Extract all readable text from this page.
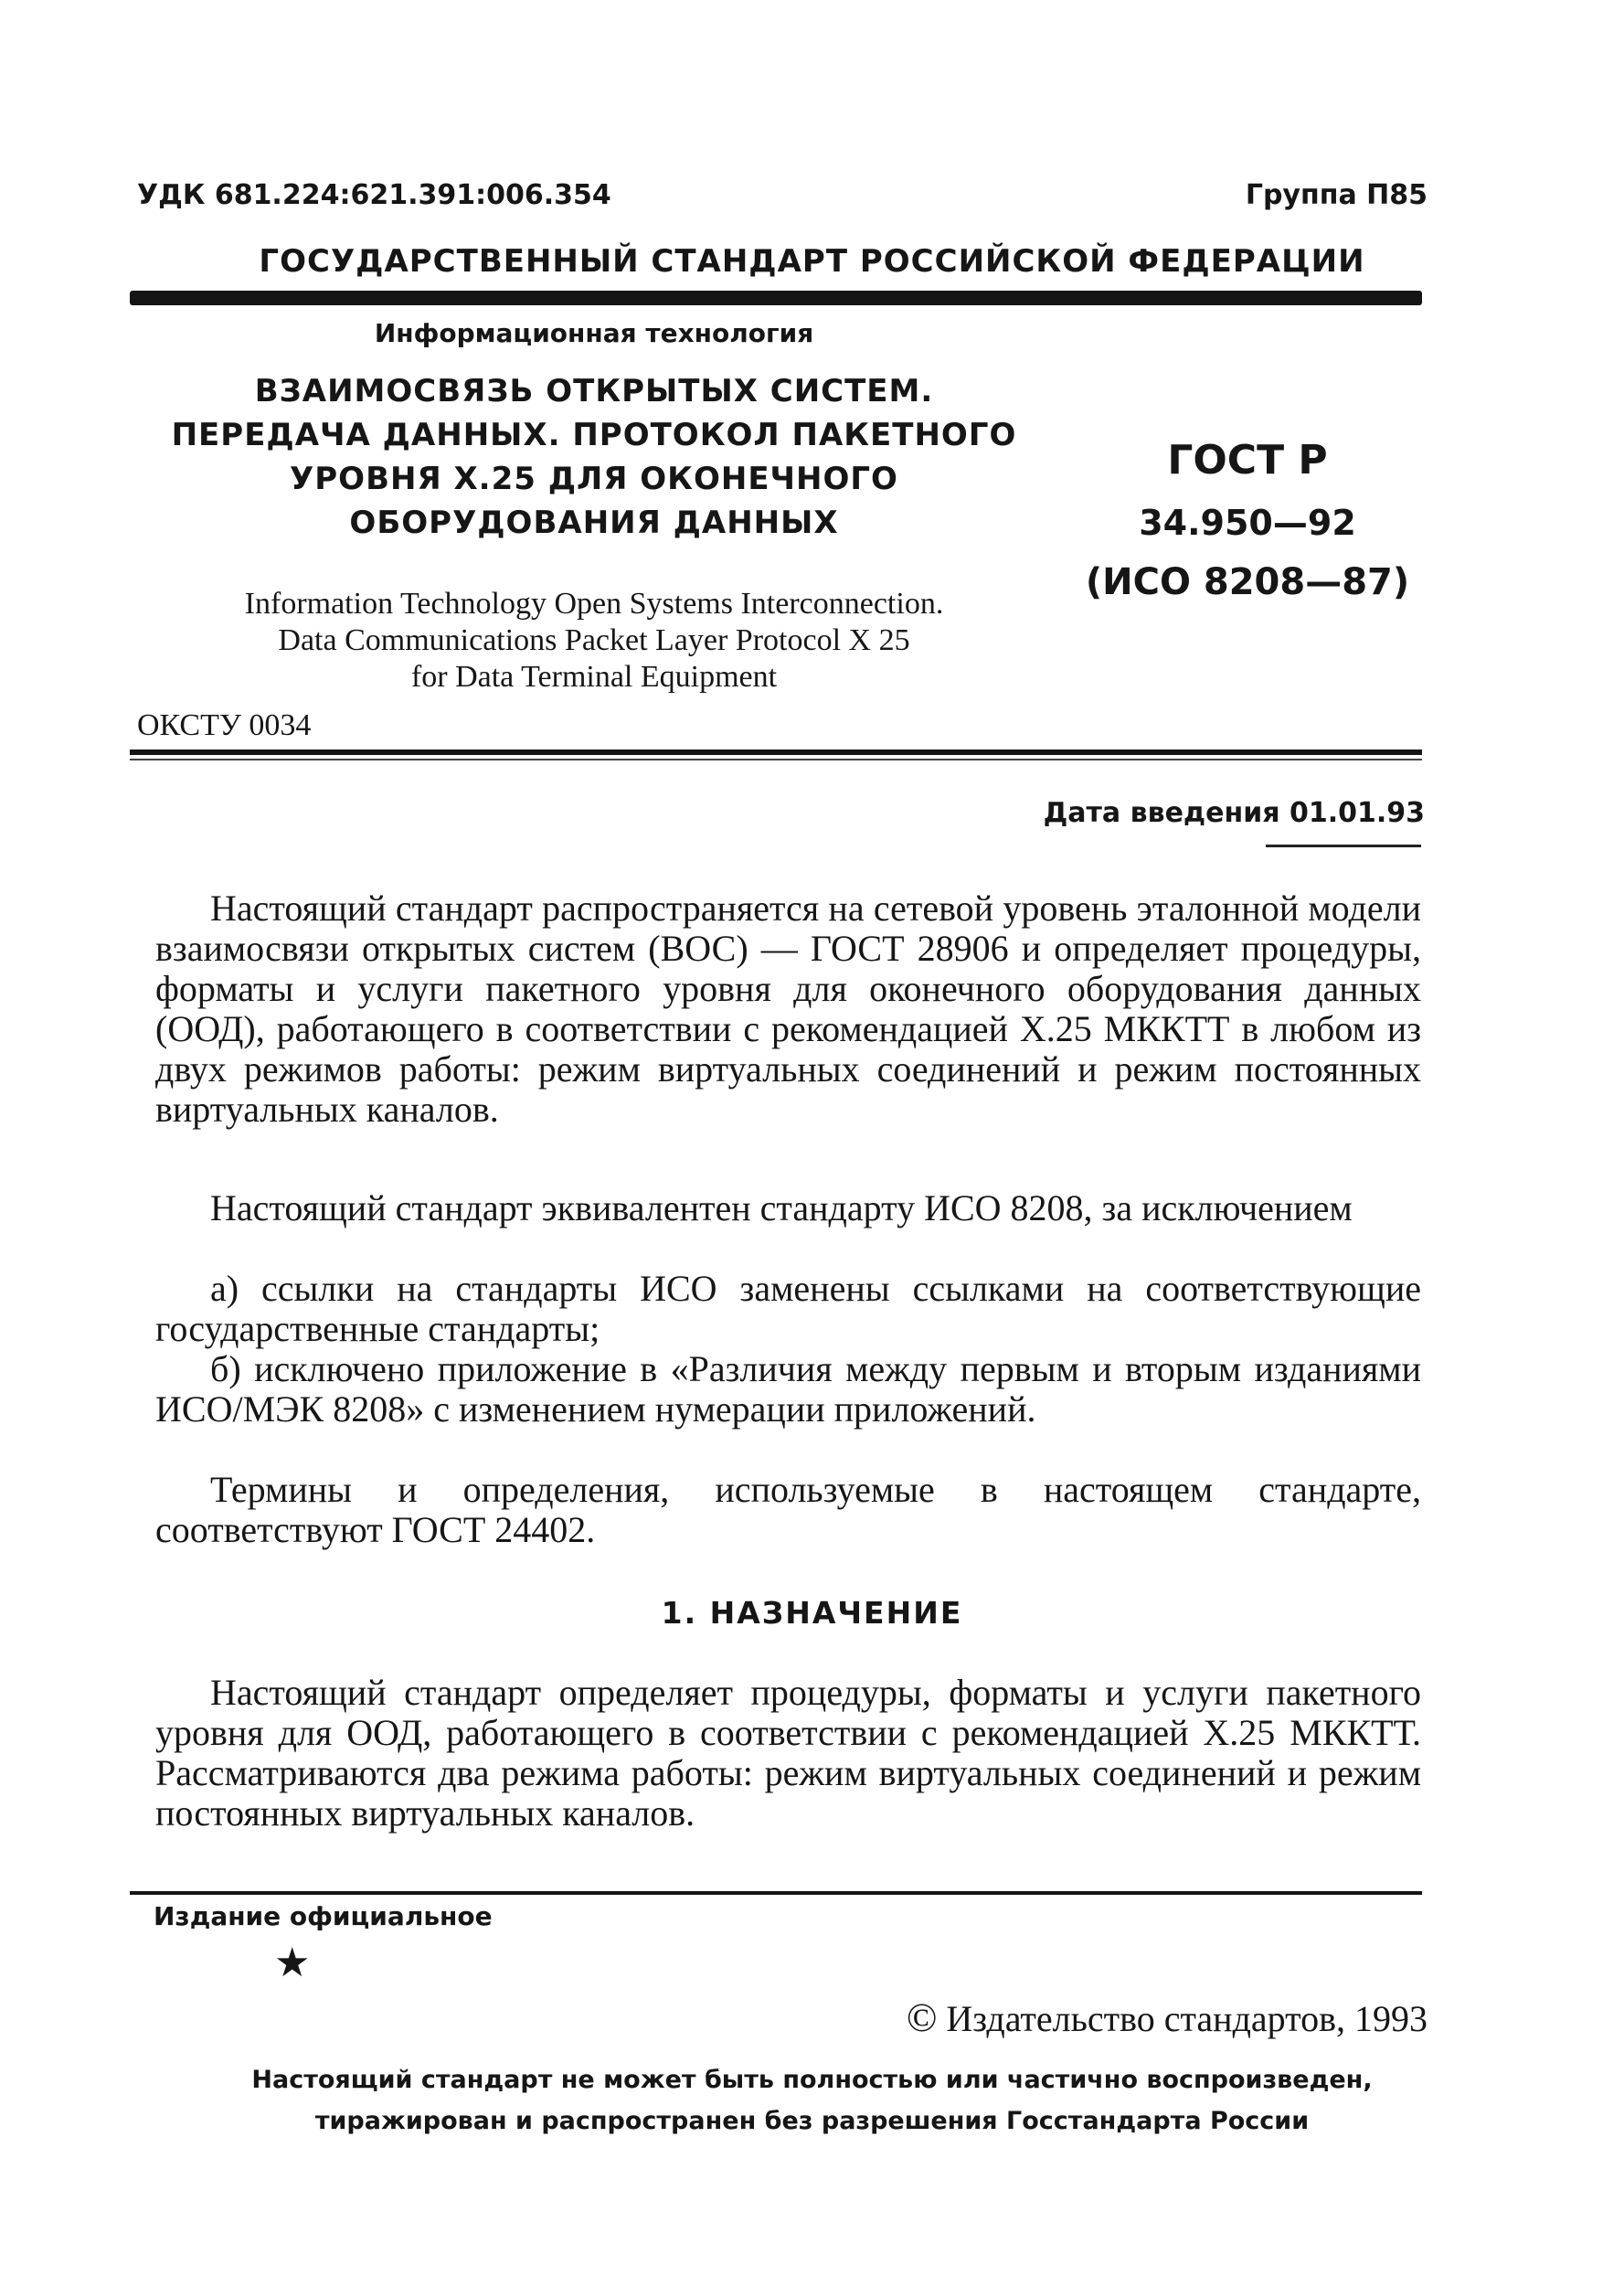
УДК 681.224:621.391:006.354	Группа П85
ГОСУДАРСТВЕННЫЙ СТАНДАРТ РОССИЙСКОЙ ФЕДЕРАЦИИ
Информационная технология
ВЗАИМОСВЯЗЬ ОТКРЫТЫХ СИСТЕМ.
ПЕРЕДАЧА ДАННЫХ. ПРОТОКОЛ ПАКЕТНОГО
УРОВНЯ Х.25 ДЛЯ ОКОНЕЧНОГО
ОБОРУДОВАНИЯ ДАННЫХ
ГОСТ Р
34.950—92
(ИСО 8208—87)
Information Technology Open Systems Interconnection.
Data Communications Packet Layer Protocol X 25
for Data Terminal Equipment
ОКСТУ 0034
Дата введения 01.01.93
Настоящий стандарт распространяется на сетевой уровень эталонной модели взаимосвязи открытых систем (ВОС) — ГОСТ 28906 и определяет процедуры, форматы и услуги пакетного уровня для оконечного оборудования данных (ООД), работающего в соответствии с рекомендацией Х.25 МККТТ в любом из двух режимов работы: режим виртуальных соединений и режим постоянных виртуальных каналов.
Настоящий стандарт эквивалентен стандарту ИСО 8208, за исключением
а) ссылки на стандарты ИСО заменены ссылками на соответствующие государственные стандарты;
б) исключено приложение в «Различия между первым и вторым изданиями ИСО/МЭК 8208» с изменением нумерации приложений.
Термины и определения, используемые в настоящем стандарте, соответствуют ГОСТ 24402.
1. НАЗНАЧЕНИЕ
Настоящий стандарт определяет процедуры, форматы и услуги пакетного уровня для ООД, работающего в соответствии с рекомендацией Х.25 МККТТ. Рассматриваются два режима работы: режим виртуальных соединений и режим постоянных виртуальных каналов.
Издание официальное
★
© Издательство стандартов, 1993
Настоящий стандарт не может быть полностью или частично воспроизведен,
тиражирован и распространен без разрешения Госстандарта России
